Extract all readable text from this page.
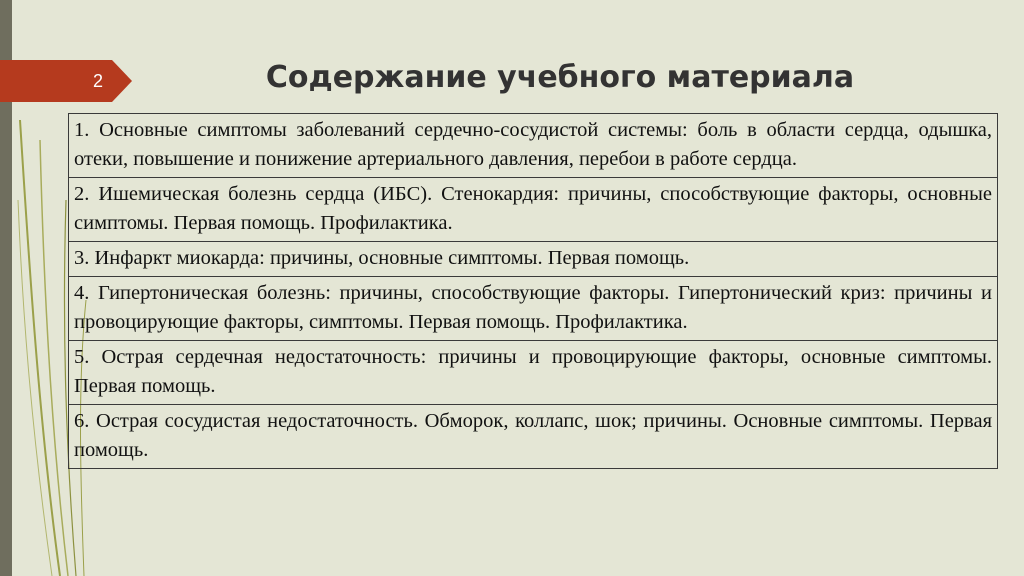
2	Содержание учебного материала
1. Основные симптомы заболеваний сердечно-сосудистой системы: боль в области сердца, одышка, отеки, повышение и понижение артериального давления, перебои в работе сердца.
2. Ишемическая болезнь сердца (ИБС). Стенокардия: причины, способствующие факторы, основные симптомы. Первая помощь. Профилактика.
3. Инфаркт миокарда: причины, основные симптомы. Первая помощь.
4. Гипертоническая болезнь: причины, способствующие факторы. Гипертонический криз: причины и провоцирующие факторы, симптомы. Первая помощь. Профилактика.
5. Острая сердечная недостаточность: причины и провоцирующие факторы, основные симптомы. Первая помощь.
6. Острая сосудистая недостаточность. Обморок, коллапс, шок; причины. Основные симптомы. Первая помощь.
